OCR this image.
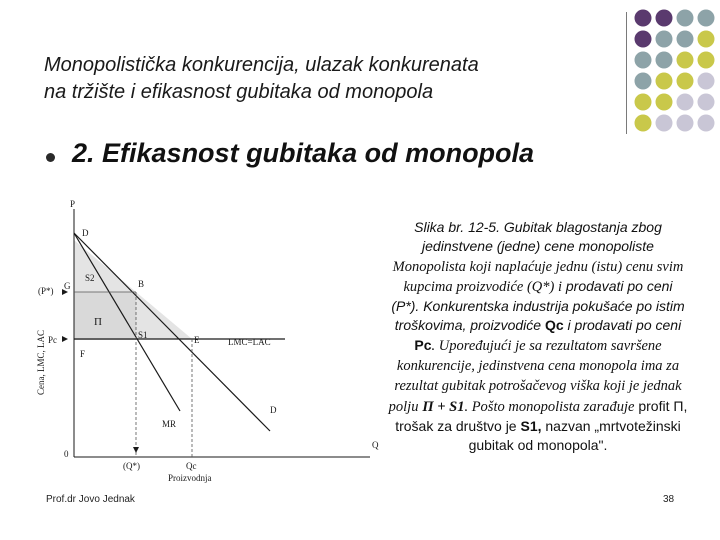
Monopolistička konkurencija, ulazak konkurenata
na tržište i efikasnost gubitaka od monopola
2. Efikasnost gubitaka od monopola
P
Q
Cena, LMC, LAC
0
(P*)
Pc
D
G	B
F
E
D
MR
S2
Π
S1
LMC=LAC
(Q*)	Qc
Proizvodnja
Slika br. 12-5. Gubitak blagostanja zbog jedinstvene (jedne) cene monopoliste
Monopolista koji naplaćuje jednu (istu) cenu svim kupcima proizvodiće (Q*) i prodavati po ceni (P*). Konkurentska industrija pokušaće po istim troškovima, proizvodiće Qc i prodavati po ceni Pc. Upoređujući je sa rezultatom savršene konkurencije, jedinstvena cena monopola ima za rezultat gubitak potrošačevog viška koji je jednak polju Π + S1. Pošto monopolista zarađuje profit Π, trošak za društvo je S1, nazvan „mrtvotežinski gubitak od monopola".
Prof.dr Jovo Jednak	38
